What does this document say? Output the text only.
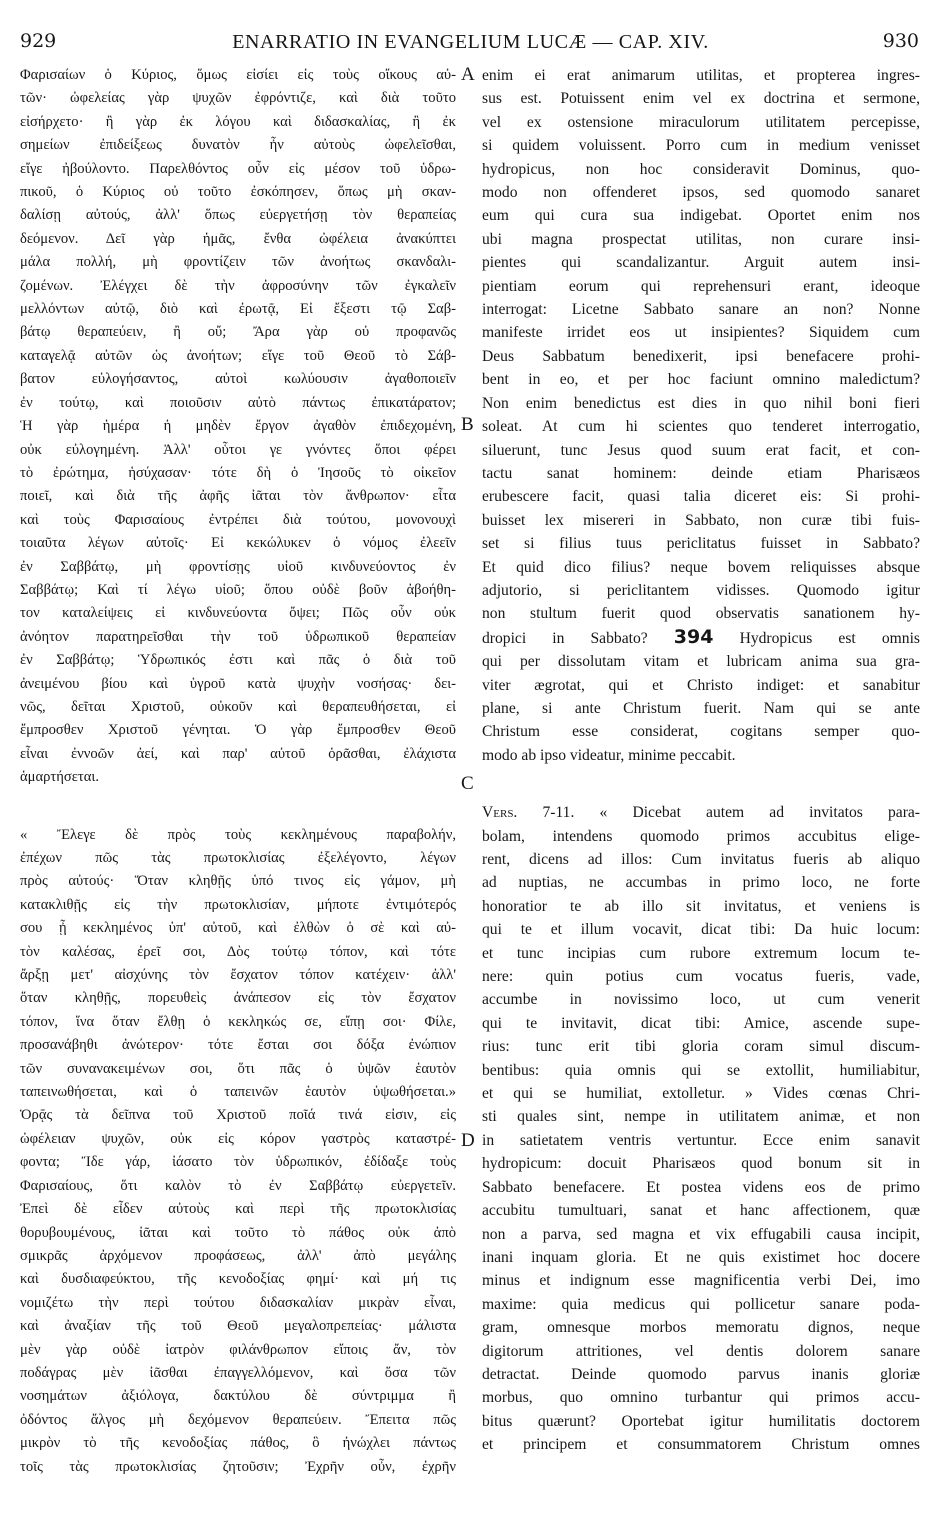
929	ENARRATIO IN EVANGELIUM LUCÆ — CAP. XIV.	930
A
B
C
D

Φαρισαίων ὁ Κύριος, ὅμως εἰσίει εἰς τοὺς οἴκους αὐ-
τῶν· ὠφελείας γὰρ ψυχῶν ἐφρόντιζε, καὶ διὰ τοῦτο
εἰσήρχετο· ἢ γὰρ ἐκ λόγου καὶ διδασκαλίας, ἢ ἐκ
σημείων ἐπιδείξεως δυνατὸν ἦν αὐτοὺς ὠφελεῖσθαι,
εἴγε ἠβούλοντο. Παρελθόντος οὖν εἰς μέσον τοῦ ὑδρω-
πικοῦ, ὁ Κύριος οὐ τοῦτο ἐσκόπησεν, ὅπως μὴ σκαν-
δαλίσῃ αὐτούς, ἀλλ' ὅπως εὐεργετήσῃ τὸν θεραπείας
δεόμενον. Δεῖ γὰρ ἡμᾶς, ἔνθα ὠφέλεια ἀνακύπτει
μάλα πολλή, μὴ φροντίζειν τῶν ἀνοήτως σκανδαλι-
ζομένων. Ἐλέγχει δὲ τὴν ἀφροσύνην τῶν ἐγκαλεῖν
μελλόντων αὐτῷ, διὸ καὶ ἐρωτᾷ, Εἰ ἔξεστι τῷ Σαβ-
βάτῳ θεραπεύειν, ἢ οὔ; Ἄρα γὰρ οὐ προφανῶς
καταγελᾷ αὐτῶν ὡς ἀνοήτων; εἴγε τοῦ Θεοῦ τὸ Σάβ-
βατον εὐλογήσαντος, αὐτοὶ κωλύουσιν ἀγαθοποιεῖν
ἐν τούτῳ, καὶ ποιοῦσιν αὐτὸ πάντως ἐπικατάρατον;
Ἡ γὰρ ἡμέρα ἡ μηδὲν ἔργον ἀγαθὸν ἐπιδεχομένη,
οὐκ εὐλογημένη. Ἀλλ' οὗτοι γε γνόντες ὅποι φέρει
τὸ ἐρώτημα, ἡσύχασαν· τότε δὴ ὁ Ἰησοῦς τὸ οἰκεῖον
ποιεῖ, καὶ διὰ τῆς ἀφῆς ἰᾶται τὸν ἄνθρωπον· εἶτα
καὶ τοὺς Φαρισαίους ἐντρέπει διὰ τούτου, μονονουχὶ
τοιαῦτα λέγων αὐτοῖς· Εἰ κεκώλυκεν ὁ νόμος ἐλεεῖν
ἐν Σαββάτῳ, μὴ φροντίσῃς υἱοῦ κινδυνεύοντος ἐν
Σαββάτῳ; Καὶ τί λέγω υἱοῦ; ὅπου οὐδὲ βοῦν ἀβοήθη-
τον καταλείψεις εἰ κινδυνεύοντα ὄψει; Πῶς οὖν οὐκ
ἀνόητον παρατηρεῖσθαι τὴν τοῦ ὑδρωπικοῦ θεραπείαν
ἐν Σαββάτῳ; Ὑδρωπικός ἐστι καὶ πᾶς ὁ διὰ τοῦ
ἀνειμένου βίου καὶ ὑγροῦ κατὰ ψυχὴν νοσήσας· δει-
νῶς, δεῖται Χριστοῦ, οὐκοῦν καὶ θεραπευθήσεται, εἰ
ἔμπροσθεν Χριστοῦ γένηται. Ὁ γὰρ ἔμπροσθεν Θεοῦ
εἶναι ἐννοῶν ἀεί, καὶ παρ' αὐτοῦ ὁρᾶσθαι, ἐλάχιστα
ἁμαρτήσεται.

« Ἔλεγε δὲ πρὸς τοὺς κεκλημένους παραβολήν,
ἐπέχων πῶς τὰς πρωτοκλισίας ἐξελέγοντο, λέγων
πρὸς αὐτούς· Ὅταν κληθῇς ὑπό τινος εἰς γάμον, μὴ
κατακλιθῇς εἰς τὴν πρωτοκλισίαν, μήποτε ἐντιμότερός
σου ᾖ κεκλημένος ὑπ' αὐτοῦ, καὶ ἐλθὼν ὁ σὲ καὶ αὐ-
τὸν καλέσας, ἐρεῖ σοι, Δὸς τούτῳ τόπον, καὶ τότε
ἄρξῃ μετ' αἰσχύνης τὸν ἔσχατον τόπον κατέχειν· ἀλλ'
ὅταν κληθῇς, πορευθεὶς ἀνάπεσον εἰς τὸν ἔσχατον
τόπον, ἵνα ὅταν ἔλθῃ ὁ κεκληκώς σε, εἴπῃ σοι· Φίλε,
προσανάβηθι ἀνώτερον· τότε ἔσται σοι δόξα ἐνώπιον
τῶν συνανακειμένων σοι, ὅτι πᾶς ὁ ὑψῶν ἑαυτὸν
ταπεινωθήσεται, καὶ ὁ ταπεινῶν ἑαυτὸν ὑψωθήσεται.»
Ὁρᾷς τὰ δεῖπνα τοῦ Χριστοῦ ποῖά τινά εἰσιν, εἰς
ὠφέλειαν ψυχῶν, οὐκ εἰς κόρον γαστρὸς καταστρέ-
φοντα; Ἴδε γάρ, ἰάσατο τὸν ὑδρωπικόν, ἐδίδαξε τοὺς
Φαρισαίους, ὅτι καλὸν τὸ ἐν Σαββάτῳ εὐεργετεῖν.
Ἐπεὶ δὲ εἶδεν αὐτοὺς καὶ περὶ τῆς πρωτοκλισίας
θορυβουμένους, ἰᾶται καὶ τοῦτο τὸ πάθος οὐκ ἀπὸ
σμικρᾶς ἀρχόμενον προφάσεως, ἀλλ' ἀπὸ μεγάλης
καὶ δυσδιαφεύκτου, τῆς κενοδοξίας φημί· καὶ μή τις
νομιζέτω τὴν περὶ τούτου διδασκαλίαν μικρὰν εἶναι,
καὶ ἀναξίαν τῆς τοῦ Θεοῦ μεγαλοπρεπείας· μάλιστα
μὲν γὰρ οὐδὲ ἰατρὸν φιλάνθρωπον εἴποις ἄν, τὸν
ποδάγρας μὲν ἰᾶσθαι ἐπαγγελλόμενον, καὶ ὅσα τῶν
νοσημάτων ἀξιόλογα, δακτύλου δὲ σύντριμμα ἢ
ὀδόντος ἄλγος μὴ δεχόμενον θεραπεύειν. Ἔπειτα πῶς
μικρὸν τὸ τῆς κενοδοξίας πάθος, ὃ ἠνώχλει πάντως
τοῖς τὰς πρωτοκλισίας ζητοῦσιν; Ἐχρῆν οὖν, ἐχρῆν

enim ei erat animarum utilitas, et propterea ingres-
sus est. Potuissent enim vel ex doctrina et sermone,
vel ex ostensione miraculorum utilitatem percepisse,
si quidem voluissent. Porro cum in medium venisset
hydropicus, non hoc consideravit Dominus, quo-
modo non offenderet ipsos, sed quomodo sanaret
eum qui cura sua indigebat. Oportet enim nos
ubi magna prospectat utilitas, non curare insi-
pientes qui scandalizantur. Arguit autem insi-
pientiam eorum qui reprehensuri erant, ideoque
interrogat: Licetne Sabbato sanare an non? Nonne
manifeste irridet eos ut insipientes? Siquidem cum
Deus Sabbatum benedixerit, ipsi benefacere prohi-
bent in eo, et per hoc faciunt omnino maledictum?
Non enim benedictus est dies in quo nihil boni fieri
soleat. At cum hi scientes quo tenderet interrogatio,
siluerunt, tunc Jesus quod suum erat facit, et con-
tactu sanat hominem: deinde etiam Pharisæos
erubescere facit, quasi talia diceret eis: Si prohi-
buisset lex misereri in Sabbato, non curæ tibi fuis-
set si filius tuus periclitatus fuisset in Sabbato?
Et quid dico filius? neque bovem reliquisses absque
adjutorio, si periclitantem vidisses. Quomodo igitur
non stultum fuerit quod observatis sanationem hy-
dropici in Sabbato? 394 Hydropicus est omnis
qui per dissolutam vitam et lubricam anima sua gra-
viter ægrotat, qui et Christo indiget: et sanabitur
plane, si ante Christum fuerit. Nam qui se ante
Christum esse considerat, cogitans semper quo-
modo ab ipso videatur, minime peccabit.

Vers. 7-11. « Dicebat autem ad invitatos para-
bolam, intendens quomodo primos accubitus elige-
rent, dicens ad illos: Cum invitatus fueris ab aliquo
ad nuptias, ne accumbas in primo loco, ne forte
honoratior te ab illo sit invitatus, et veniens is
qui te et illum vocavit, dicat tibi: Da huic locum:
et tunc incipias cum rubore extremum locum te-
nere: quin potius cum vocatus fueris, vade,
accumbe in novissimo loco, ut cum venerit
qui te invitavit, dicat tibi: Amice, ascende supe-
rius: tunc erit tibi gloria coram simul discum-
bentibus: quia omnis qui se extollit, humiliabitur,
et qui se humiliat, extolletur. » Vides cœnas Chri-
sti quales sint, nempe in utilitatem animæ, et non
in satietatem ventris vertuntur. Ecce enim sanavit
hydropicum: docuit Pharisæos quod bonum sit in
Sabbato benefacere. Et postea videns eos de primo
accubitu tumultuari, sanat et hanc affectionem, quæ
non a parva, sed magna et vix effugabili causa incipit,
inani inquam gloria. Et ne quis existimet hoc docere
minus et indignum esse magnificentia verbi Dei, imo
maxime: quia medicus qui pollicetur sanare poda-
gram, omnesque morbos memoratu dignos, neque
digitorum attritiones, vel dentis dolorem sanare
detractat. Deinde quomodo parvus inanis gloriæ
morbus, quo omnino turbantur qui primos accu-
bitus quærunt? Oportebat igitur humilitatis doctorem
et principem et consummatorem Christum omnes
